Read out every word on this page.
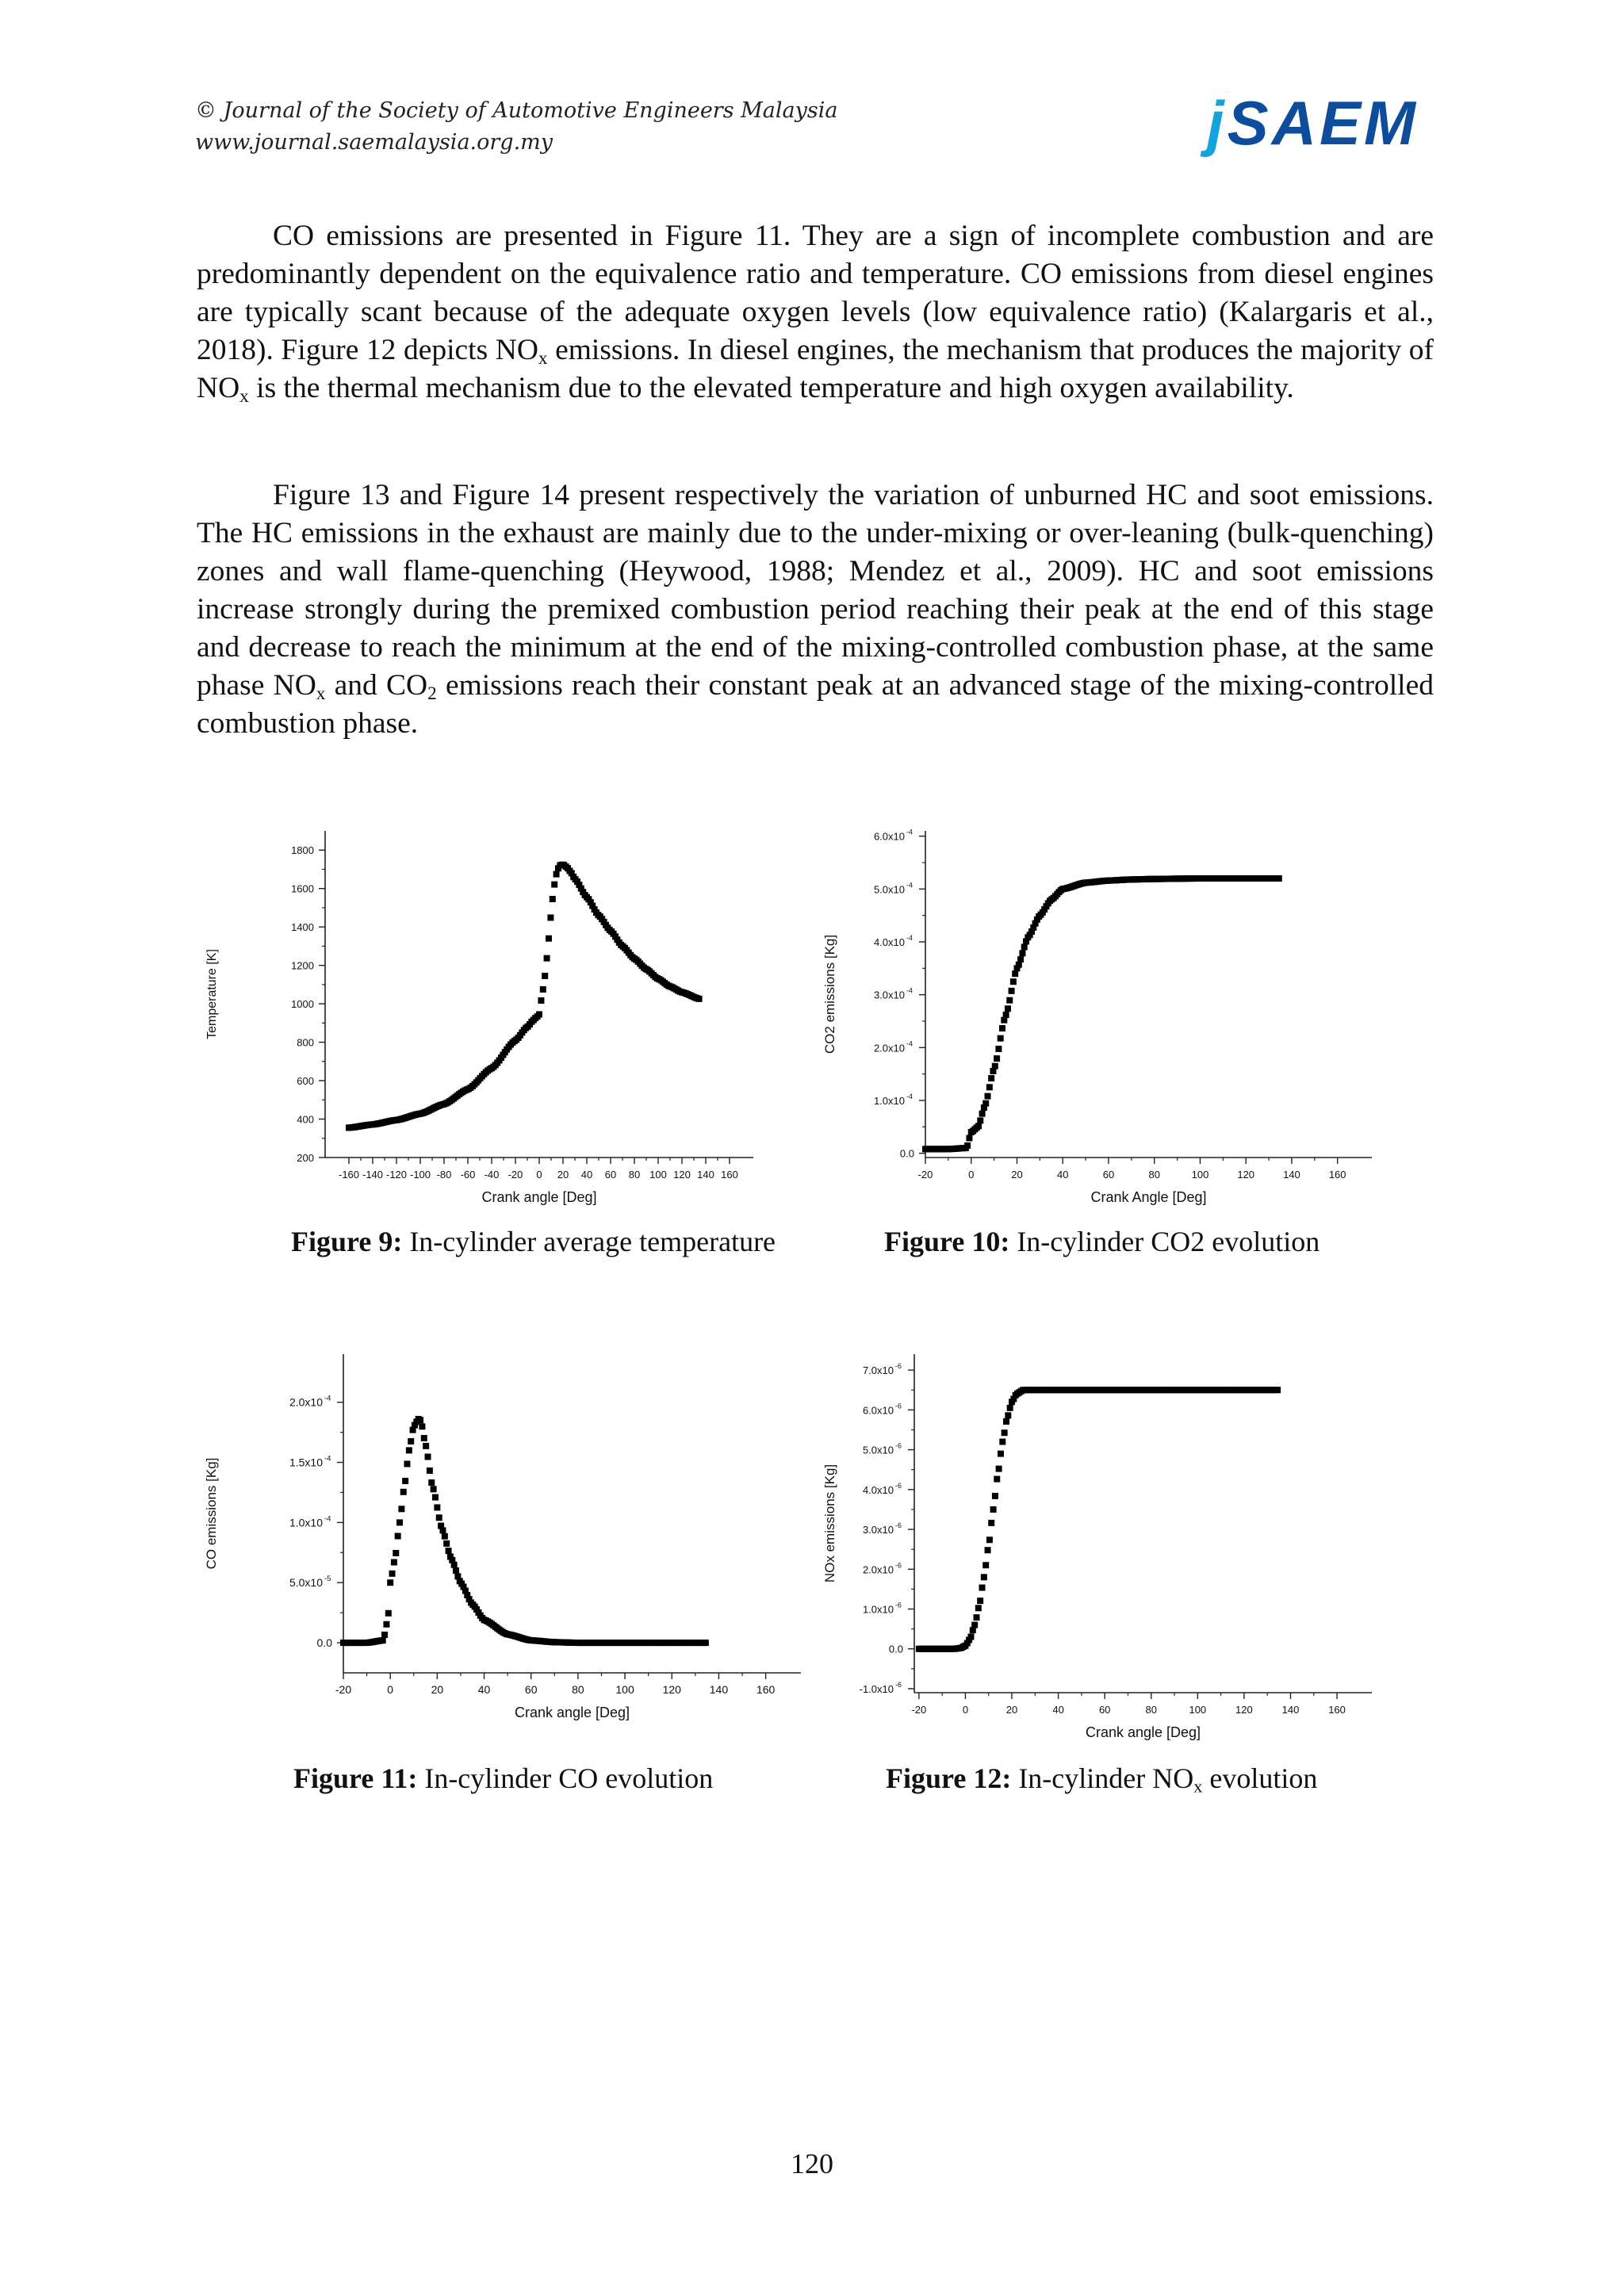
© Journal of the Society of Automotive Engineers Malaysia
www.journal.saemalaysia.org.my	jSAEM

CO emissions are presented in Figure 11. They are a sign of incomplete combustion and are predominantly dependent on the equivalence ratio and temperature. CO emissions from diesel engines are typically scant because of the adequate oxygen levels (low equivalence ratio) (Kalargaris et al., 2018). Figure 12 depicts $NO_x$ emissions. In diesel engines, the mechanism that produces the majority of $NO_x$ is the thermal mechanism due to the elevated temperature and high oxygen availability.

Figure 13 and Figure 14 present respectively the variation of unburned HC and soot emissions. The HC emissions in the exhaust are mainly due to the under-mixing or over-leaning (bulk-quenching) zones and wall flame-quenching (Heywood, 1988; Mendez et al., 2009). HC and soot emissions increase strongly during the premixed combustion period reaching their peak at the end of this stage and decrease to reach the minimum at the end of the mixing-controlled combustion phase, at the same phase $NO_x$ and $CO_2$ emissions reach their constant peak at an advanced stage of the mixing-controlled combustion phase.

-160 -140 -120 -100 -80 -60 -40 -20 0 20 40 60 80 100 120 140 160
200
400
600
800
1000
1200
1400
1600
1800
Crank angle [Deg]
Temperature [K]
-20	0	20	40	60	80	100	120	140	160
0.0
1.0x10 -4
2.0x10 -4
3.0x10 -4
4.0x10 -4
5.0x10 -4
6.0x10 -4
Crank Angle [Deg]
CO2 emissions [Kg]
-20	0	20	40	60	80	100	120	140	160
0.0
5.0x10 -5
1.0x10 -4
1.5x10 -4
2.0x10 -4
Crank angle [Deg]
CO emissions [Kg]
-20	0	20	40	60	80	100	120	140	160
-1.0x10 -6
0.0
1.0x10 -6
2.0x10 -6
3.0x10 -6
4.0x10 -6
5.0x10 -6
6.0x10 -6
7.0x10 -6
Crank angle [Deg]
NOx emissions [Kg]
Figure 9: In-cylinder average temperature	Figure 10: In-cylinder CO2 evolution
Figure 11: In-cylinder CO evolution	Figure 12: In-cylinder $NO_x$ evolution
120
